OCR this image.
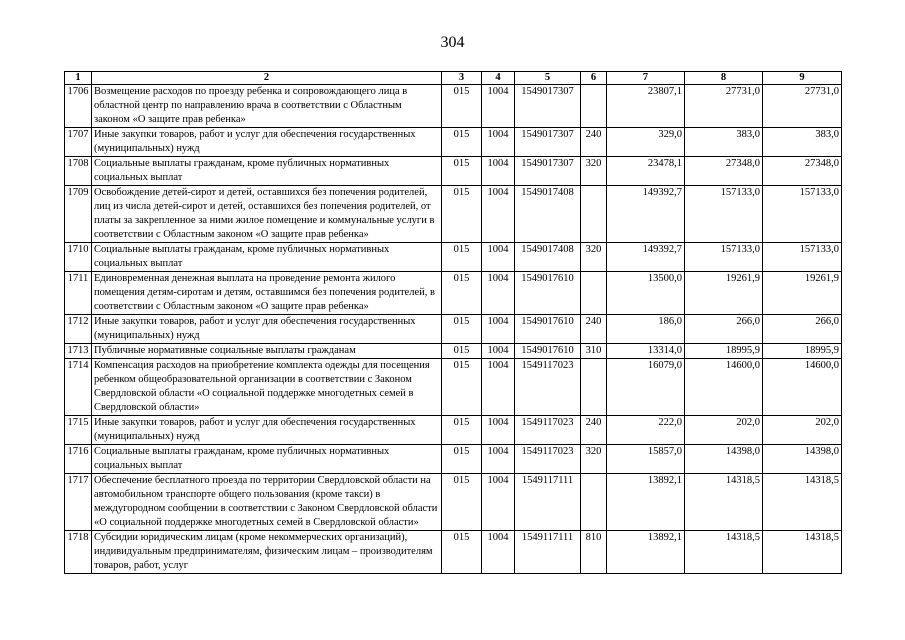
304
1	2	3	4	5	6	7	8	9
1706	Возмещение расходов по проезду ребенка и сопровождающего лица в областной центр по направлению врача в соответствии с Областным законом «О защите прав ребенка»	015	1004	1549017307		23807,1	27731,0	27731,0
1707	Иные закупки товаров, работ и услуг для обеспечения государственных (муниципальных) нужд	015	1004	1549017307	240	329,0	383,0	383,0
1708	Социальные выплаты гражданам, кроме публичных нормативных социальных выплат	015	1004	1549017307	320	23478,1	27348,0	27348,0
1709	Освобождение детей-сирот и детей, оставшихся без попечения родителей, лиц из числа детей-сирот и детей, оставшихся без попечения родителей, от платы за закрепленное за ними жилое помещение и коммунальные услуги в соответствии с Областным законом «О защите прав ребенка»	015	1004	1549017408		149392,7	157133,0	157133,0
1710	Социальные выплаты гражданам, кроме публичных нормативных социальных выплат	015	1004	1549017408	320	149392,7	157133,0	157133,0
1711	Единовременная денежная выплата на проведение ремонта жилого помещения детям-сиротам и детям, оставшимся без попечения родителей, в соответствии с Областным законом «О защите прав ребенка»	015	1004	1549017610		13500,0	19261,9	19261,9
1712	Иные закупки товаров, работ и услуг для обеспечения государственных (муниципальных) нужд	015	1004	1549017610	240	186,0	266,0	266,0
1713	Публичные нормативные социальные выплаты гражданам	015	1004	1549017610	310	13314,0	18995,9	18995,9
1714	Компенсация расходов на приобретение комплекта одежды для посещения ребенком общеобразовательной организации в соответствии с Законом Свердловской области «О социальной поддержке многодетных семей в Свердловской области»	015	1004	1549117023		16079,0	14600,0	14600,0
1715	Иные закупки товаров, работ и услуг для обеспечения государственных (муниципальных) нужд	015	1004	1549117023	240	222,0	202,0	202,0
1716	Социальные выплаты гражданам, кроме публичных нормативных социальных выплат	015	1004	1549117023	320	15857,0	14398,0	14398,0
1717	Обеспечение бесплатного проезда по территории Свердловской области на автомобильном транспорте общего пользования (кроме такси) в междугородном сообщении в соответствии с Законом Свердловской области «О социальной поддержке многодетных семей в Свердловской области»	015	1004	1549117111		13892,1	14318,5	14318,5
1718	Субсидии юридическим лицам (кроме некоммерческих организаций), индивидуальным предпринимателям, физическим лицам – производителям товаров, работ, услуг	015	1004	1549117111	810	13892,1	14318,5	14318,5
